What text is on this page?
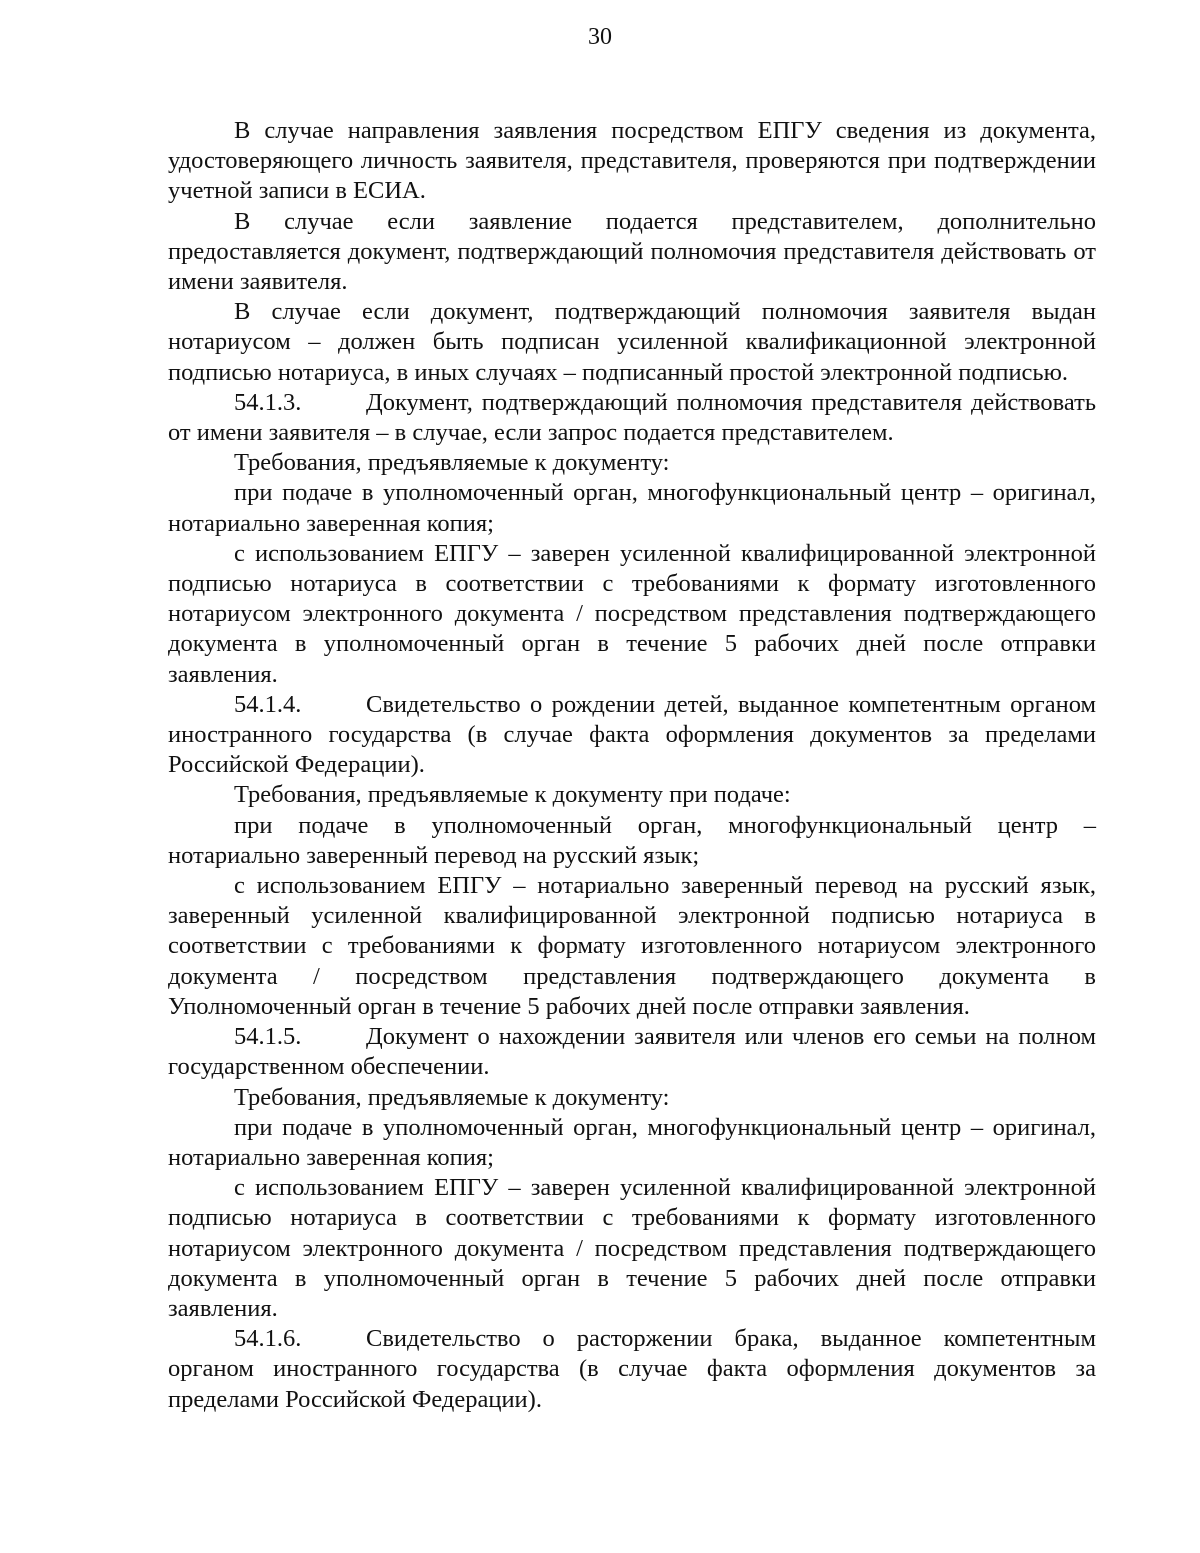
30

В случае направления заявления посредством ЕПГУ сведения из документа, удостоверяющего личность заявителя, представителя, проверяются при подтверждении учетной записи в ЕСИА.

В случае если заявление подается представителем, дополнительно предоставляется документ, подтверждающий полномочия представителя действовать от имени заявителя.

В случае если документ, подтверждающий полномочия заявителя выдан нотариусом – должен быть подписан усиленной квалификационной электронной подписью нотариуса, в иных случаях – подписанный простой электронной подписью.

54.1.3.	Документ, подтверждающий полномочия представителя действовать от имени заявителя – в случае, если запрос подается представителем.

Требования, предъявляемые к документу:

при подаче в уполномоченный орган, многофункциональный центр – оригинал, нотариально заверенная копия;

с использованием ЕПГУ – заверен усиленной квалифицированной электронной подписью нотариуса в соответствии с требованиями к формату изготовленного нотариусом электронного документа / посредством представления подтверждающего документа в уполномоченный орган в течение 5 рабочих дней после отправки заявления.

54.1.4.	Свидетельство о рождении детей, выданное компетентным органом иностранного государства (в случае факта оформления документов за пределами Российской Федерации).

Требования, предъявляемые к документу при подаче:

при подаче в уполномоченный орган, многофункциональный центр – нотариально заверенный перевод на русский язык;

с использованием ЕПГУ – нотариально заверенный перевод на русский язык, заверенный усиленной квалифицированной электронной подписью нотариуса в соответствии с требованиями к формату изготовленного нотариусом электронного документа / посредством представления подтверждающего документа в Уполномоченный орган в течение 5 рабочих дней после отправки заявления.

54.1.5.	Документ о нахождении заявителя или членов его семьи на полном государственном обеспечении.

Требования, предъявляемые к документу:

при подаче в уполномоченный орган, многофункциональный центр – оригинал, нотариально заверенная копия;

с использованием ЕПГУ – заверен усиленной квалифицированной электронной подписью нотариуса в соответствии с требованиями к формату изготовленного нотариусом электронного документа / посредством представления подтверждающего документа в уполномоченный орган в течение 5 рабочих дней после отправки заявления.

54.1.6.	Свидетельство о расторжении брака, выданное компетентным органом иностранного государства (в случае факта оформления документов за пределами Российской Федерации).
